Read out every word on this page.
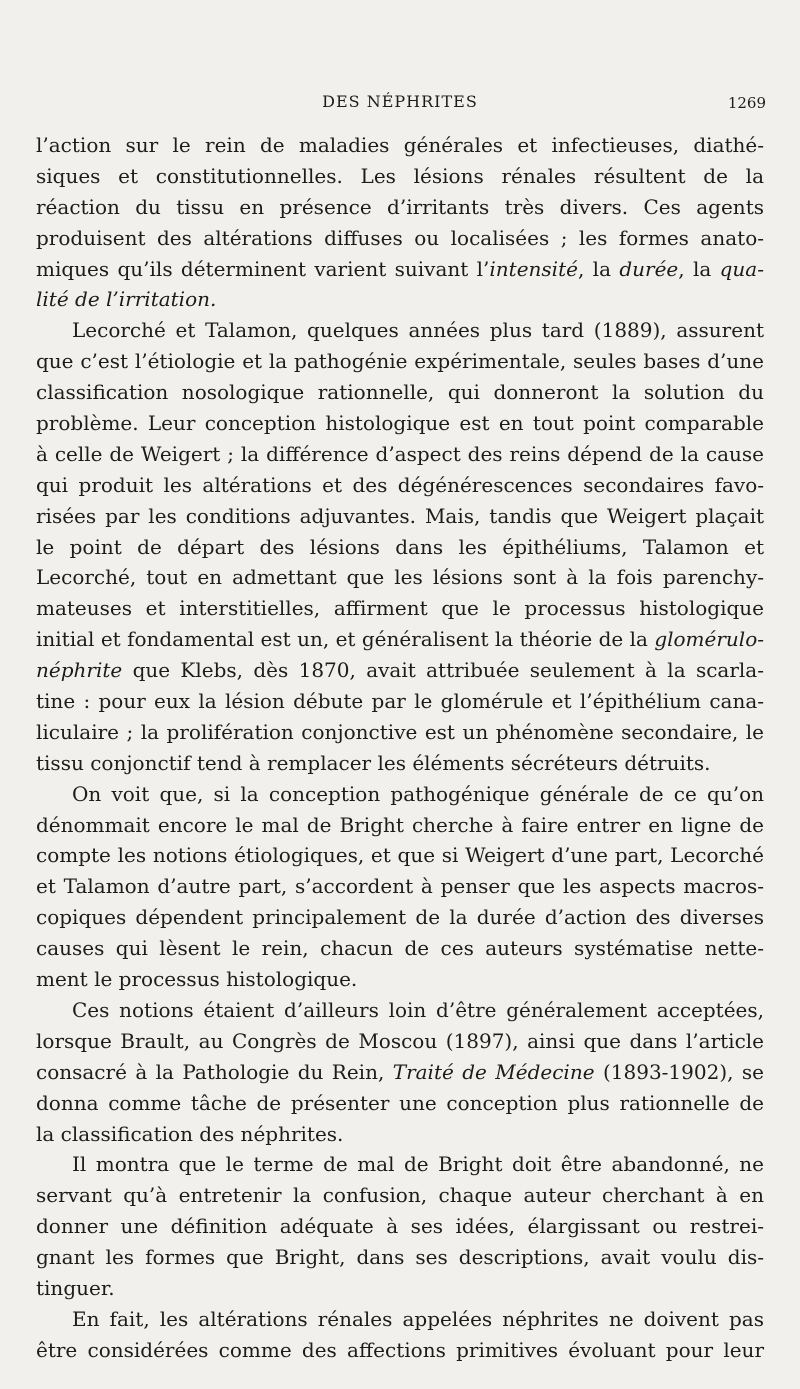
DES NÉPHRITES	1269
l’action sur le rein de maladies générales et infectieuses, diathé-
siques et constitutionnelles. Les lésions rénales résultent de la
réaction du tissu en présence d’irritants très divers. Ces agents
produisent des altérations diffuses ou localisées ; les formes anato-
miques qu’ils déterminent varient suivant l’intensité, la durée, la qua-
lité de l’irritation.
Lecorché et Talamon, quelques années plus tard (1889), assurent
que c’est l’étiologie et la pathogénie expérimentale, seules bases d’une
classification nosologique rationnelle, qui donneront la solution du
problème. Leur conception histologique est en tout point comparable
à celle de Weigert ; la différence d’aspect des reins dépend de la cause
qui produit les altérations et des dégénérescences secondaires favo-
risées par les conditions adjuvantes. Mais, tandis que Weigert plaçait
le point de départ des lésions dans les épithéliums, Talamon et
Lecorché, tout en admettant que les lésions sont à la fois parenchy-
mateuses et interstitielles, affirment que le processus histologique
initial et fondamental est un, et généralisent la théorie de la glomérulo-
néphrite que Klebs, dès 1870, avait attribuée seulement à la scarla-
tine : pour eux la lésion débute par le glomérule et l’épithélium cana-
liculaire ; la prolifération conjonctive est un phénomène secondaire, le
tissu conjonctif tend à remplacer les éléments sécréteurs détruits.
On voit que, si la conception pathogénique générale de ce qu’on
dénommait encore le mal de Bright cherche à faire entrer en ligne de
compte les notions étiologiques, et que si Weigert d’une part, Lecorché
et Talamon d’autre part, s’accordent à penser que les aspects macros-
copiques dépendent principalement de la durée d’action des diverses
causes qui lèsent le rein, chacun de ces auteurs systématise nette-
ment le processus histologique.
Ces notions étaient d’ailleurs loin d’être généralement acceptées,
lorsque Brault, au Congrès de Moscou (1897), ainsi que dans l’article
consacré à la Pathologie du Rein, Traité de Médecine (1893-1902), se
donna comme tâche de présenter une conception plus rationnelle de
la classification des néphrites.
Il montra que le terme de mal de Bright doit être abandonné, ne
servant qu’à entretenir la confusion, chaque auteur cherchant à en
donner une définition adéquate à ses idées, élargissant ou restrei-
gnant les formes que Bright, dans ses descriptions, avait voulu dis-
tinguer.
En fait, les altérations rénales appelées néphrites ne doivent pas
être considérées comme des affections primitives évoluant pour leur
